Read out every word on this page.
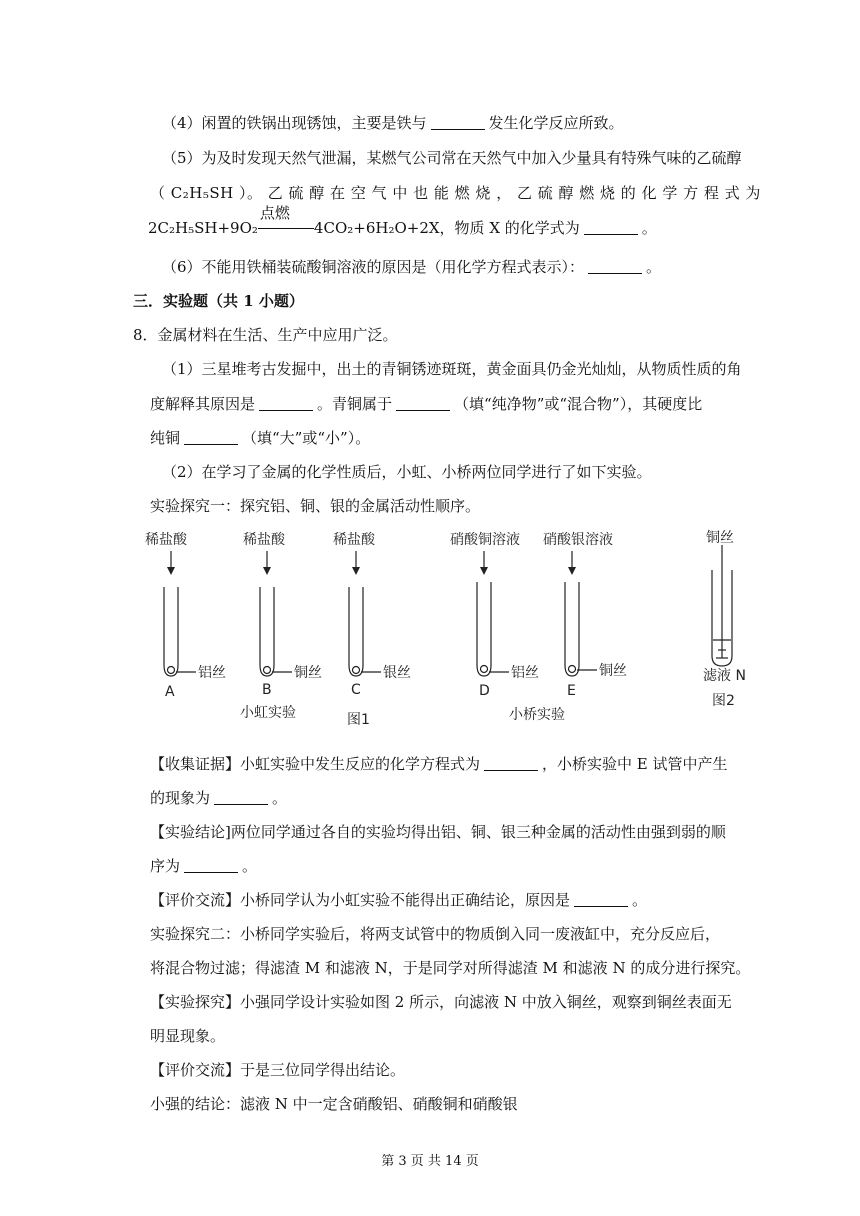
（4）闲置的铁锅出现锈蚀，主要是铁与	发生化学反应所致。
（5）为及时发现天然气泄漏，某燃气公司常在天然气中加入少量具有特殊气味的乙硫醇
（ C₂H₅SH ）。 乙 硫 醇 在 空 气 中 也 能 燃 烧 ， 乙 硫 醇 燃 烧 的 化 学 方 程 式 为
2C₂H₅SH+9O₂
点燃
4CO₂+6H₂O+2X，物质 X 的化学式为	。
（6）不能用铁桶装硫酸铜溶液的原因是（用化学方程式表示）：	。
三．实验题（共 1 小题）
8．金属材料在生活、生产中应用广泛。
（1）三星堆考古发掘中，出土的青铜锈迹斑斑，黄金面具仍金光灿灿，从物质性质的角
度解释其原因是	。青铜属于	（填“纯净物”或“混合物”），其硬度比
纯铜	（填“大”或“小”）。
（2）在学习了金属的化学性质后，小虹、小桥两位同学进行了如下实验。
实验探究一：探究铝、铜、银的金属活动性顺序。
稀盐酸	稀盐酸	稀盐酸	硝酸铜溶液 硝酸银溶液
铝丝	铜丝	银丝	铝丝	铜丝
A	B	C	D	E
小虹实验	图1	小桥实验
铜丝
滤液 N
图2
【收集证据】小虹实验中发生反应的化学方程式为	，小桥实验中 E 试管中产生
的现象为	。
【实验结论]两位同学通过各自的实验均得出铝、铜、银三种金属的活动性由强到弱的顺
序为	。
【评价交流】小桥同学认为小虹实验不能得出正确结论，原因是	。
实验探究二：小桥同学实验后，将两支试管中的物质倒入同一废液缸中，充分反应后，
将混合物过滤；得滤渣 M 和滤液 N，于是同学对所得滤渣 M 和滤液 N 的成分进行探究。
【实验探究】小强同学设计实验如图 2 所示，向滤液 N 中放入铜丝，观察到铜丝表面无
明显现象。
【评价交流】于是三位同学得出结论。
小强的结论：滤液 N 中一定含硝酸铝、硝酸铜和硝酸银
第 3 页 共 14 页
